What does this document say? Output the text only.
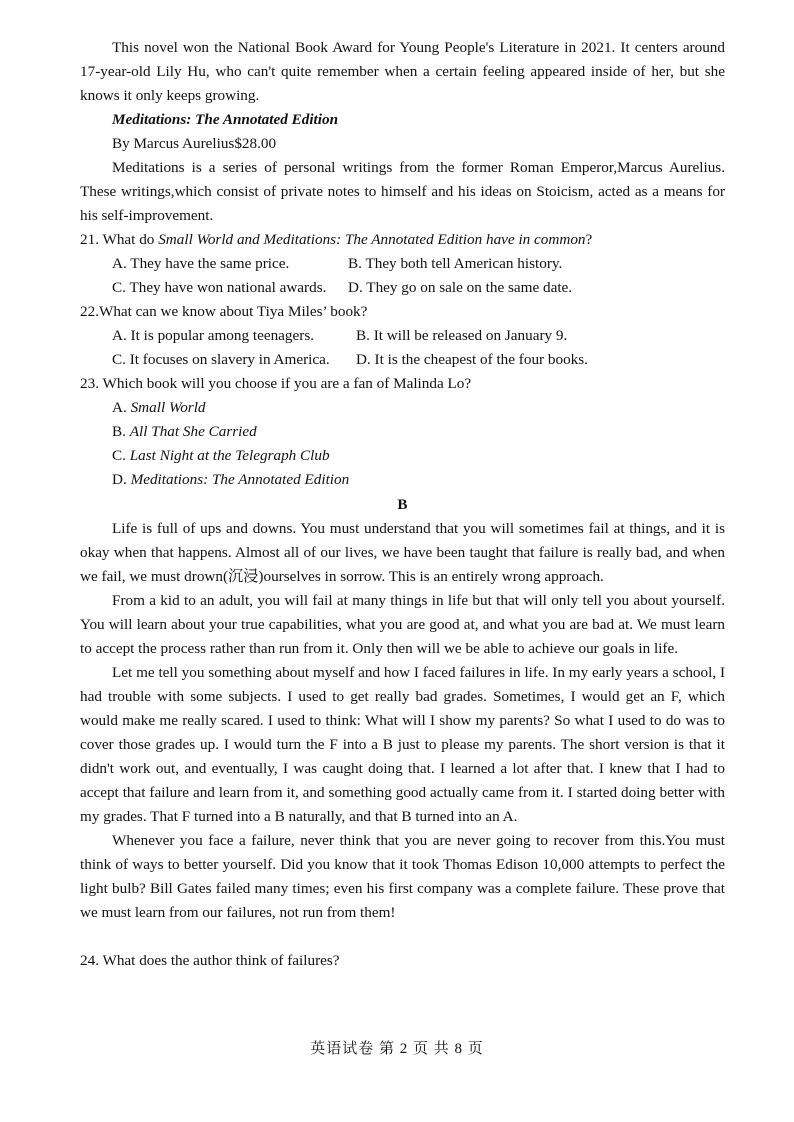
This novel won the National Book Award for Young People's Literature in 2021. It centers around 17-year-old Lily Hu, who can't quite remember when a certain feeling appeared inside of her, but she knows it only keeps growing.

Meditations: The Annotated Edition
By Marcus Aurelius$28.00

Meditations is a series of personal writings from the former Roman Emperor,Marcus Aurelius. These writings,which consist of private notes to himself and his ideas on Stoicism, acted as a means for his self-improvement.

21. What do Small World and Meditations: The Annotated Edition have in common?
A. They have the same price.	B. They both tell American history.
C. They have won national awards. D. They go on sale on the same date.
22.What can we know about Tiya Miles’ book?
A. It is popular among teenagers.	B. It will be released on January 9.
C. It focuses on slavery in America. D. It is the cheapest of the four books.
23. Which book will you choose if you are a fan of Malinda Lo?
A. Small World
B. All That She Carried
C. Last Night at the Telegraph Club
D. Meditations: The Annotated Edition
B

Life is full of ups and downs. You must understand that you will sometimes fail at things, and it is okay when that happens. Almost all of our lives, we have been taught that failure is really bad, and when we fail, we must drown(沉浸)ourselves in sorrow. This is an entirely wrong approach.

From a kid to an adult, you will fail at many things in life but that will only tell you about yourself. You will learn about your true capabilities, what you are good at, and what you are bad at. We must learn to accept the process rather than run from it. Only then will we be able to achieve our goals in life.

Let me tell you something about myself and how I faced failures in life. In my early years a school, I had trouble with some subjects. I used to get really bad grades. Sometimes, I would get an F, which would make me really scared. I used to think: What will I show my parents? So what I used to do was to cover those grades up. I would turn the F into a B just to please my parents. The short version is that it didn't work out, and eventually, I was caught doing that. I learned a lot after that. I knew that I had to accept that failure and learn from it, and something good actually came from it. I started doing better with my grades. That F turned into a B naturally, and that B turned into an A.

Whenever you face a failure, never think that you are never going to recover from this.You must think of ways to better yourself. Did you know that it took Thomas Edison 10,000 attempts to perfect the light bulb? Bill Gates failed many times; even his first company was a complete failure. These prove that we must learn from our failures, not run from them!

24. What does the author think of failures?
英语试卷 第 2 页 共 8 页
